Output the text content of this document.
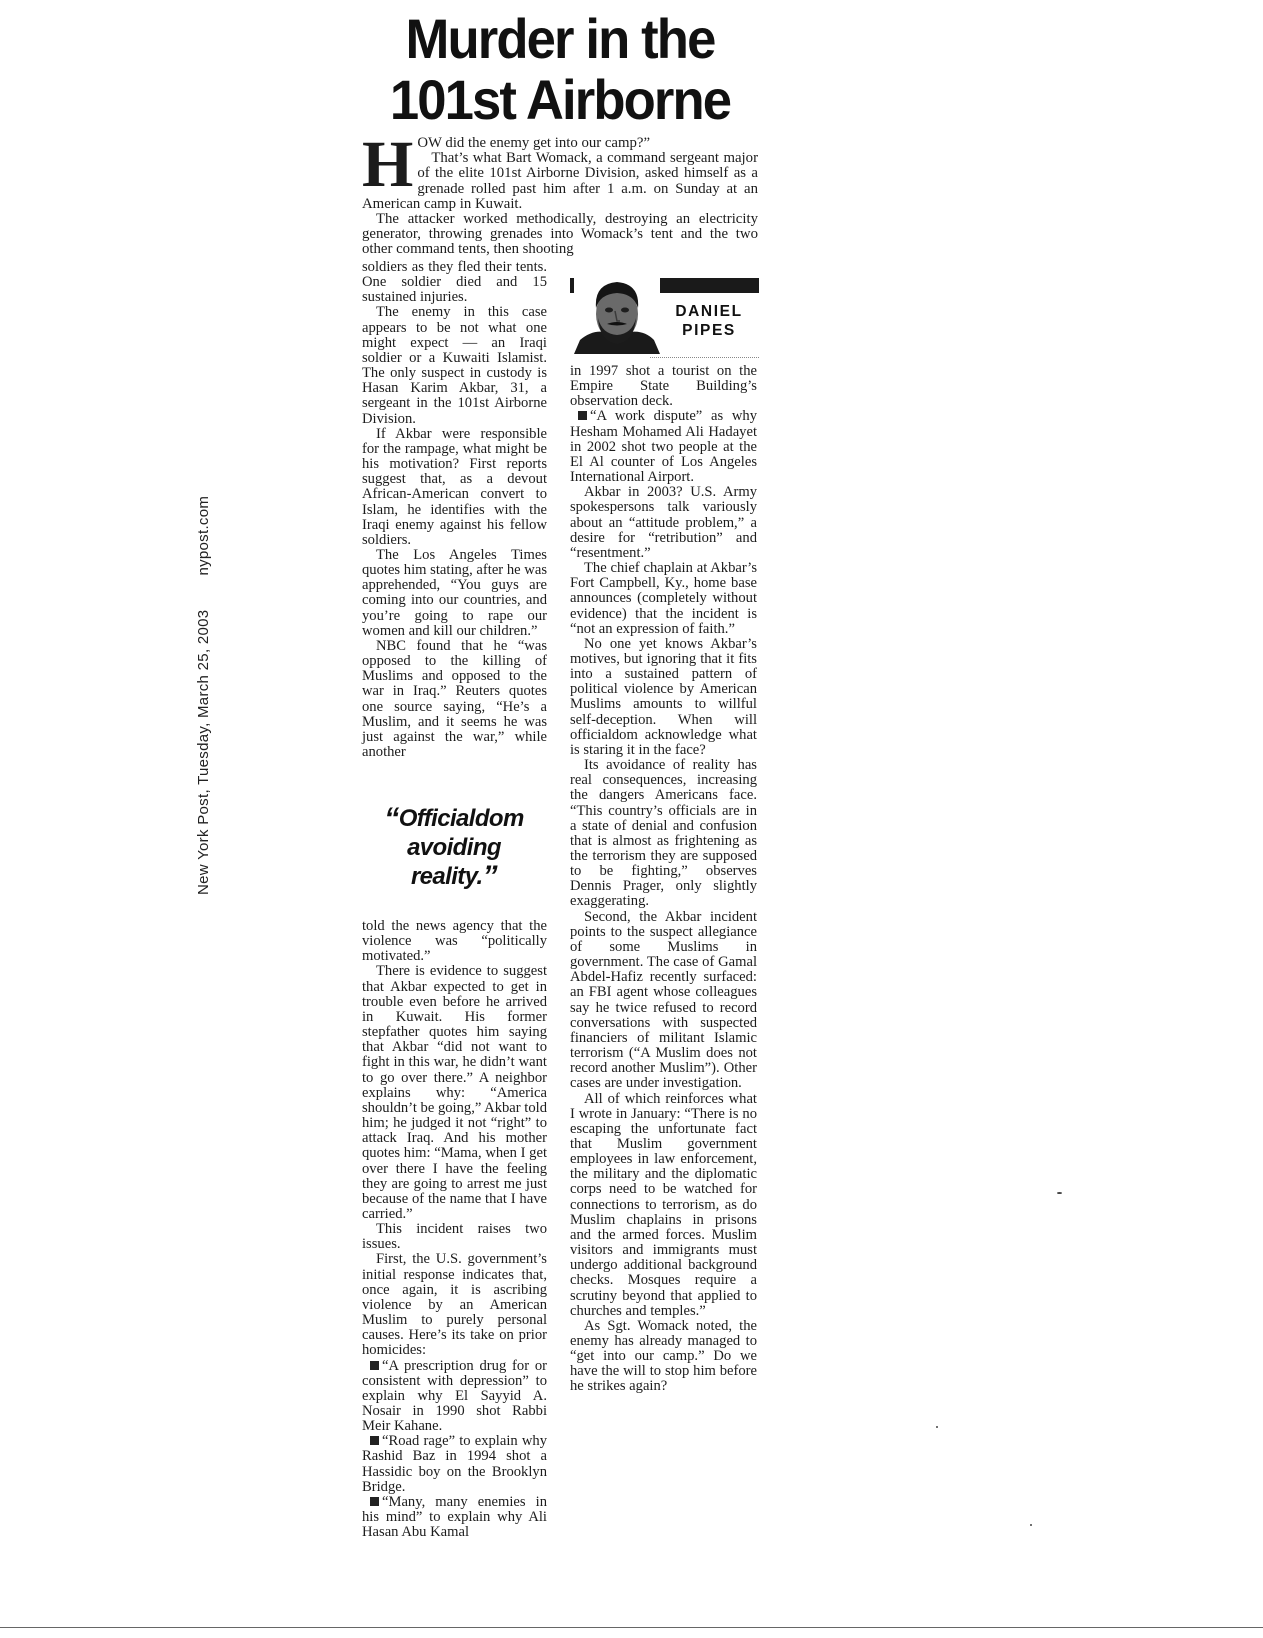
New York Post, Tuesday, March 25, 2003nypost.com
Murder in the
101st Airborne

HOW did the enemy get into our camp?”

That’s what Bart Womack, a command sergeant major of the elite 101st Airborne Division, asked himself as a grenade rolled past him after 1 a.m. on Sunday at an American camp in Kuwait.

The attacker worked methodically, destroying an electricity generator, throwing grenades into Womack’s tent and the two other command tents, then shooting

soldiers as they fled their tents. One soldier died and 15 sustained injuries.

The enemy in this case appears to be not what one might expect — an Iraqi soldier or a Kuwaiti Islamist. The only suspect in custody is Hasan Karim Akbar, 31, a sergeant in the 101st Airborne Division.

If Akbar were responsible for the rampage, what might be his motivation? First reports suggest that, as a devout African-American convert to Islam, he identifies with the Iraqi enemy against his fellow soldiers.

The Los Angeles Times quotes him stating, after he was apprehended, “You guys are coming into our countries, and you’re going to rape our women and kill our children.”

NBC found that he “was opposed to the killing of Muslims and opposed to the war in Iraq.” Reuters quotes one source saying, “He’s a Muslim, and it seems he was just against the war,” while another

“Officialdom avoiding reality.”

told the news agency that the violence was “politically motivated.”

There is evidence to suggest that Akbar expected to get in trouble even before he arrived in Kuwait. His former stepfather quotes him saying that Akbar “did not want to fight in this war, he didn’t want to go over there.” A neighbor explains why: “America shouldn’t be going,” Akbar told him; he judged it not “right” to attack Iraq. And his mother quotes him: “Mama, when I get over there I have the feeling they are going to arrest me just because of the name that I have carried.”

This incident raises two issues.

First, the U.S. government’s initial response indicates that, once again, it is ascribing violence by an American Muslim to purely personal causes. Here’s its take on prior homicides:

“A prescription drug for or consistent with depression” to explain why El Sayyid A. Nosair in 1990 shot Rabbi Meir Kahane.

“Road rage” to explain why Rashid Baz in 1994 shot a Hassidic boy on the Brooklyn Bridge.

“Many, many enemies in his mind” to explain why Ali Hasan Abu Kamal

DANIEL
PIPES

in 1997 shot a tourist on the Empire State Building’s observation deck.

“A work dispute” as why Hesham Mohamed Ali Hadayet in 2002 shot two people at the El Al counter of Los Angeles International Airport.

Akbar in 2003? U.S. Army spokespersons talk variously about an “attitude problem,” a desire for “retribution” and “resentment.”

The chief chaplain at Akbar’s Fort Campbell, Ky., home base announces (completely without evidence) that the incident is “not an expression of faith.”

No one yet knows Akbar’s motives, but ignoring that it fits into a sustained pattern of political violence by American Muslims amounts to willful self-deception. When will officialdom acknowledge what is staring it in the face?

Its avoidance of reality has real consequences, increasing the dangers Americans face. “This country’s officials are in a state of denial and confusion that is almost as frightening as the terrorism they are supposed to be fighting,” observes Dennis Prager, only slightly exaggerating.

Second, the Akbar incident points to the suspect allegiance of some Muslims in government. The case of Gamal Abdel-Hafiz recently surfaced: an FBI agent whose colleagues say he twice refused to record conversations with suspected financiers of militant Islamic terrorism (“A Muslim does not record another Muslim”). Other cases are under investigation.

All of which reinforces what I wrote in January: “There is no escaping the unfortunate fact that Muslim government employees in law enforcement, the military and the diplomatic corps need to be watched for connections to terrorism, as do Muslim chaplains in prisons and the armed forces. Muslim visitors and immigrants must undergo additional background checks. Mosques require a scrutiny beyond that applied to churches and temples.”

As Sgt. Womack noted, the enemy has already managed to “get into our camp.” Do we have the will to stop him before he strikes again?
